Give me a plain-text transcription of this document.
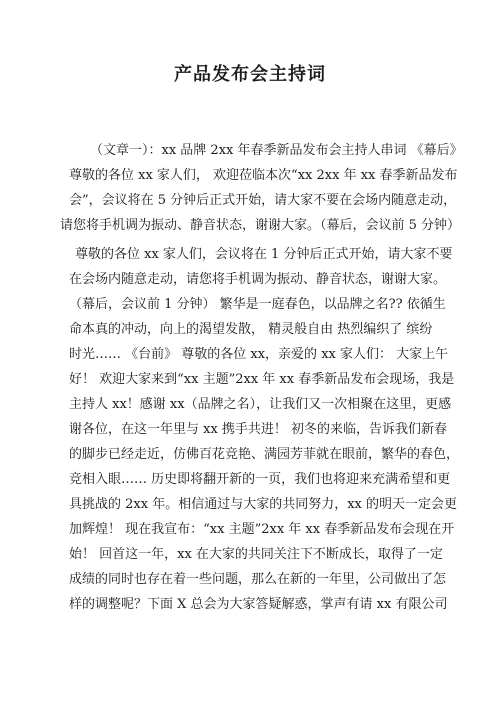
产品发布会主持词
（文章一）：xx 品牌 2xx 年春季新品发布会主持人串词 《幕后》
尊敬的各位 xx 家人们， 欢迎莅临本次“xx 2xx 年 xx 春季新品发布
会”，会议将在 5 分钟后正式开始，请大家不要在会场内随意走动，
请您将手机调为振动、静音状态，谢谢大家。（幕后，会议前 5 分钟）
尊敬的各位 xx 家人们，会议将在 1 分钟后正式开始，请大家不要
在会场内随意走动，请您将手机调为振动、静音状态，谢谢大家。
（幕后，会议前 1 分钟） 繁华是一庭春色，以品牌之名?? 依循生
命本真的冲动，向上的渴望发散， 精灵般自由 热烈编织了 缤纷
时光…… 《台前》 尊敬的各位 xx，亲爱的 xx 家人们： 大家上午
好！ 欢迎大家来到“xx 主题”2xx 年 xx 春季新品发布会现场，我是
主持人 xx！感谢 xx（品牌之名），让我们又一次相聚在这里，更感
谢各位，在这一年里与 xx 携手共进！ 初冬的来临，告诉我们新春
的脚步已经走近，仿佛百花竞艳、满园芳菲就在眼前，繁华的春色，
竞相入眼…… 历史即将翻开新的一页，我们也将迎来充满希望和更
具挑战的 2xx 年。相信通过与大家的共同努力，xx 的明天一定会更
加辉煌！ 现在我宣布：“xx 主题”2xx 年 xx 春季新品发布会现在开
始！ 回首这一年，xx 在大家的共同关注下不断成长，取得了一定
成绩的同时也存在着一些问题，那么在新的一年里，公司做出了怎
样的调整呢？下面 X 总会为大家答疑解惑，掌声有请 xx 有限公司
